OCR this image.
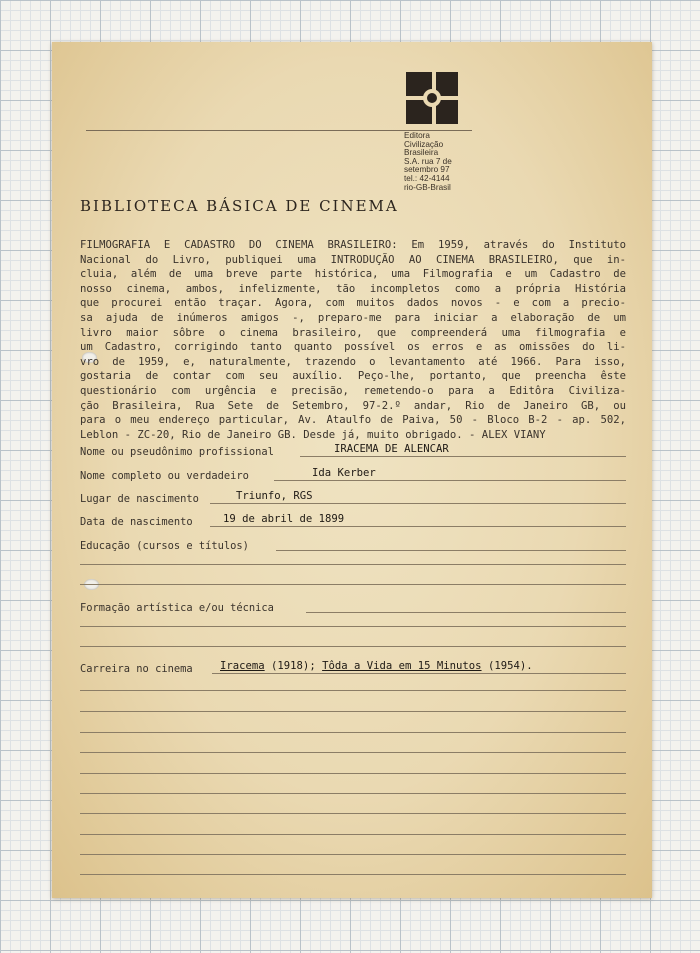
Editora
Civilização
Brasileira
S.A. rua 7 de
setembro 97
tel.: 42-4144
rio-GB-Brasil
BIBLIOTECA BÁSICA DE CINEMA
FILMOGRAFIA E CADASTRO DO CINEMA BRASILEIRO: Em 1959, através do Instituto
Nacional do Livro, publiquei uma INTRODUÇÃO AO CINEMA BRASILEIRO, que in-
cluia, além de uma breve parte histórica, uma Filmografia e um Cadastro de
nosso cinema, ambos, infelizmente, tão incompletos como a própria História
que procurei então traçar. Agora, com muitos dados novos - e com a precio-
sa ajuda de inúmeros amigos -, preparo-me para iniciar a elaboração de um
livro maior sôbre o cinema brasileiro, que compreenderá uma filmografia e
um Cadastro, corrigindo tanto quanto possível os erros e as omissões do li-
vro de 1959, e, naturalmente, trazendo o levantamento até 1966. Para isso,
gostaria de contar com seu auxílio. Peço-lhe, portanto, que preencha êste
questionário com urgência e precisão, remetendo-o para a Editôra Civiliza-
ção Brasileira, Rua Sete de Setembro, 97-2.º andar, Rio de Janeiro GB, ou
para o meu endereço particular, Av. Ataulfo de Paiva, 50 - Bloco B-2 - ap. 502,
Leblon - ZC-20, Rio de Janeiro GB. Desde já, muito obrigado. - ALEX VIANY
Nome ou pseudônimo profissional	IRACEMA DE ALENCAR
Nome completo ou verdadeiro	Ida Kerber
Lugar de nascimento	Triunfo, RGS
Data de nascimento	19 de abril de 1899
Educação (cursos e títulos)
Formação artística e/ou técnica
Carreira no cinema	Iracema (1918); Tôda a Vida em 15 Minutos (1954).
